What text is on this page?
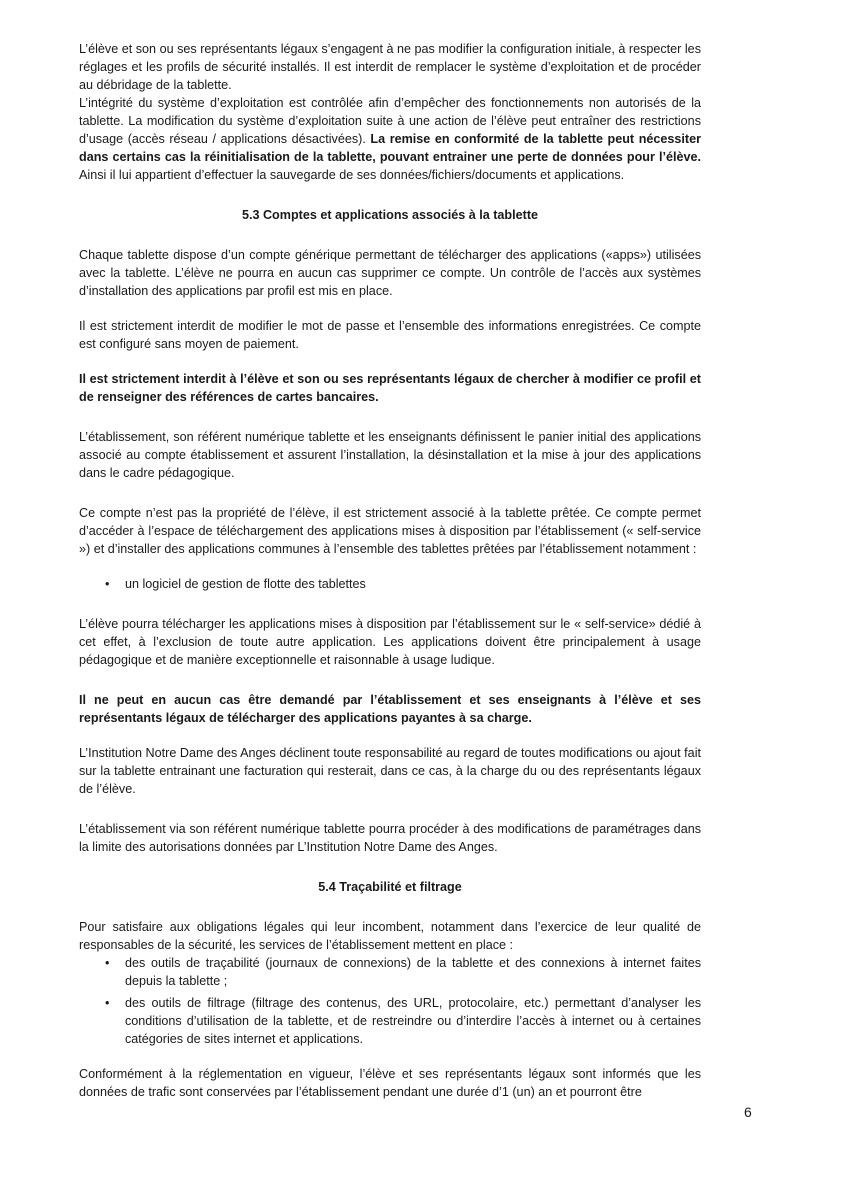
L’élève et son ou ses représentants légaux s’engagent à ne pas modifier la configuration initiale, à respecter les réglages et les profils de sécurité installés. Il est interdit de remplacer le système d’exploitation et de procéder au débridage de la tablette.

L’intégrité du système d’exploitation est contrôlée afin d’empêcher des fonctionnements non autorisés de la tablette. La modification du système d’exploitation suite à une action de l’élève peut entraîner des restrictions d’usage (accès réseau / applications désactivées). La remise en conformité de la tablette peut nécessiter dans certains cas la réinitialisation de la tablette, pouvant entrainer une perte de données pour l’élève. Ainsi il lui appartient d’effectuer la sauvegarde de ses données/fichiers/documents et applications.

5.3 Comptes et applications associés à la tablette

Chaque tablette dispose d’un compte générique permettant de télécharger des applications («apps») utilisées avec la tablette. L’élève ne pourra en aucun cas supprimer ce compte. Un contrôle de l’accès aux systèmes d’installation des applications par profil est mis en place.

Il est strictement interdit de modifier le mot de passe et l’ensemble des informations enregistrées. Ce compte est configuré sans moyen de paiement.

Il est strictement interdit à l’élève et son ou ses représentants légaux de chercher à modifier ce profil et de renseigner des références de cartes bancaires.

L’établissement, son référent numérique tablette et les enseignants définissent le panier initial des applications associé au compte établissement et assurent l’installation, la désinstallation et la mise à jour des applications dans le cadre pédagogique.

Ce compte n’est pas la propriété de l’élève, il est strictement associé à la tablette prêtée. Ce compte permet d’accéder à l’espace de téléchargement des applications mises à disposition par l’établissement (« self-service ») et d’installer des applications communes à l’ensemble des tablettes prêtées par l’établissement notamment :

• un logiciel de gestion de flotte des tablettes

L’élève pourra télécharger les applications mises à disposition par l’établissement sur le « self-service» dédié à cet effet, à l’exclusion de toute autre application. Les applications doivent être principalement à usage pédagogique et de manière exceptionnelle et raisonnable à usage ludique.

Il ne peut en aucun cas être demandé par l’établissement et ses enseignants à l’élève et ses représentants légaux de télécharger des applications payantes à sa charge.

L’Institution Notre Dame des Anges déclinent toute responsabilité au regard de toutes modifications ou ajout fait sur la tablette entrainant une facturation qui resterait, dans ce cas, à la charge du ou des représentants légaux de l’élève.

L’établissement via son référent numérique tablette pourra procéder à des modifications de paramétrages dans la limite des autorisations données par L’Institution Notre Dame des Anges.

5.4 Traçabilité et filtrage

Pour satisfaire aux obligations légales qui leur incombent, notamment dans l’exercice de leur qualité de responsables de la sécurité, les services de l’établissement mettent en place :

• des outils de traçabilité (journaux de connexions) de la tablette et des connexions à internet faites depuis la tablette ;
• des outils de filtrage (filtrage des contenus, des URL, protocolaire, etc.) permettant d’analyser les conditions d’utilisation de la tablette, et de restreindre ou d’interdire l’accès à internet ou à certaines catégories de sites internet et applications.

Conformément à la réglementation en vigueur, l’élève et ses représentants légaux sont informés que les données de trafic sont conservées par l’établissement pendant une durée d’1 (un) an et pourront être

6
